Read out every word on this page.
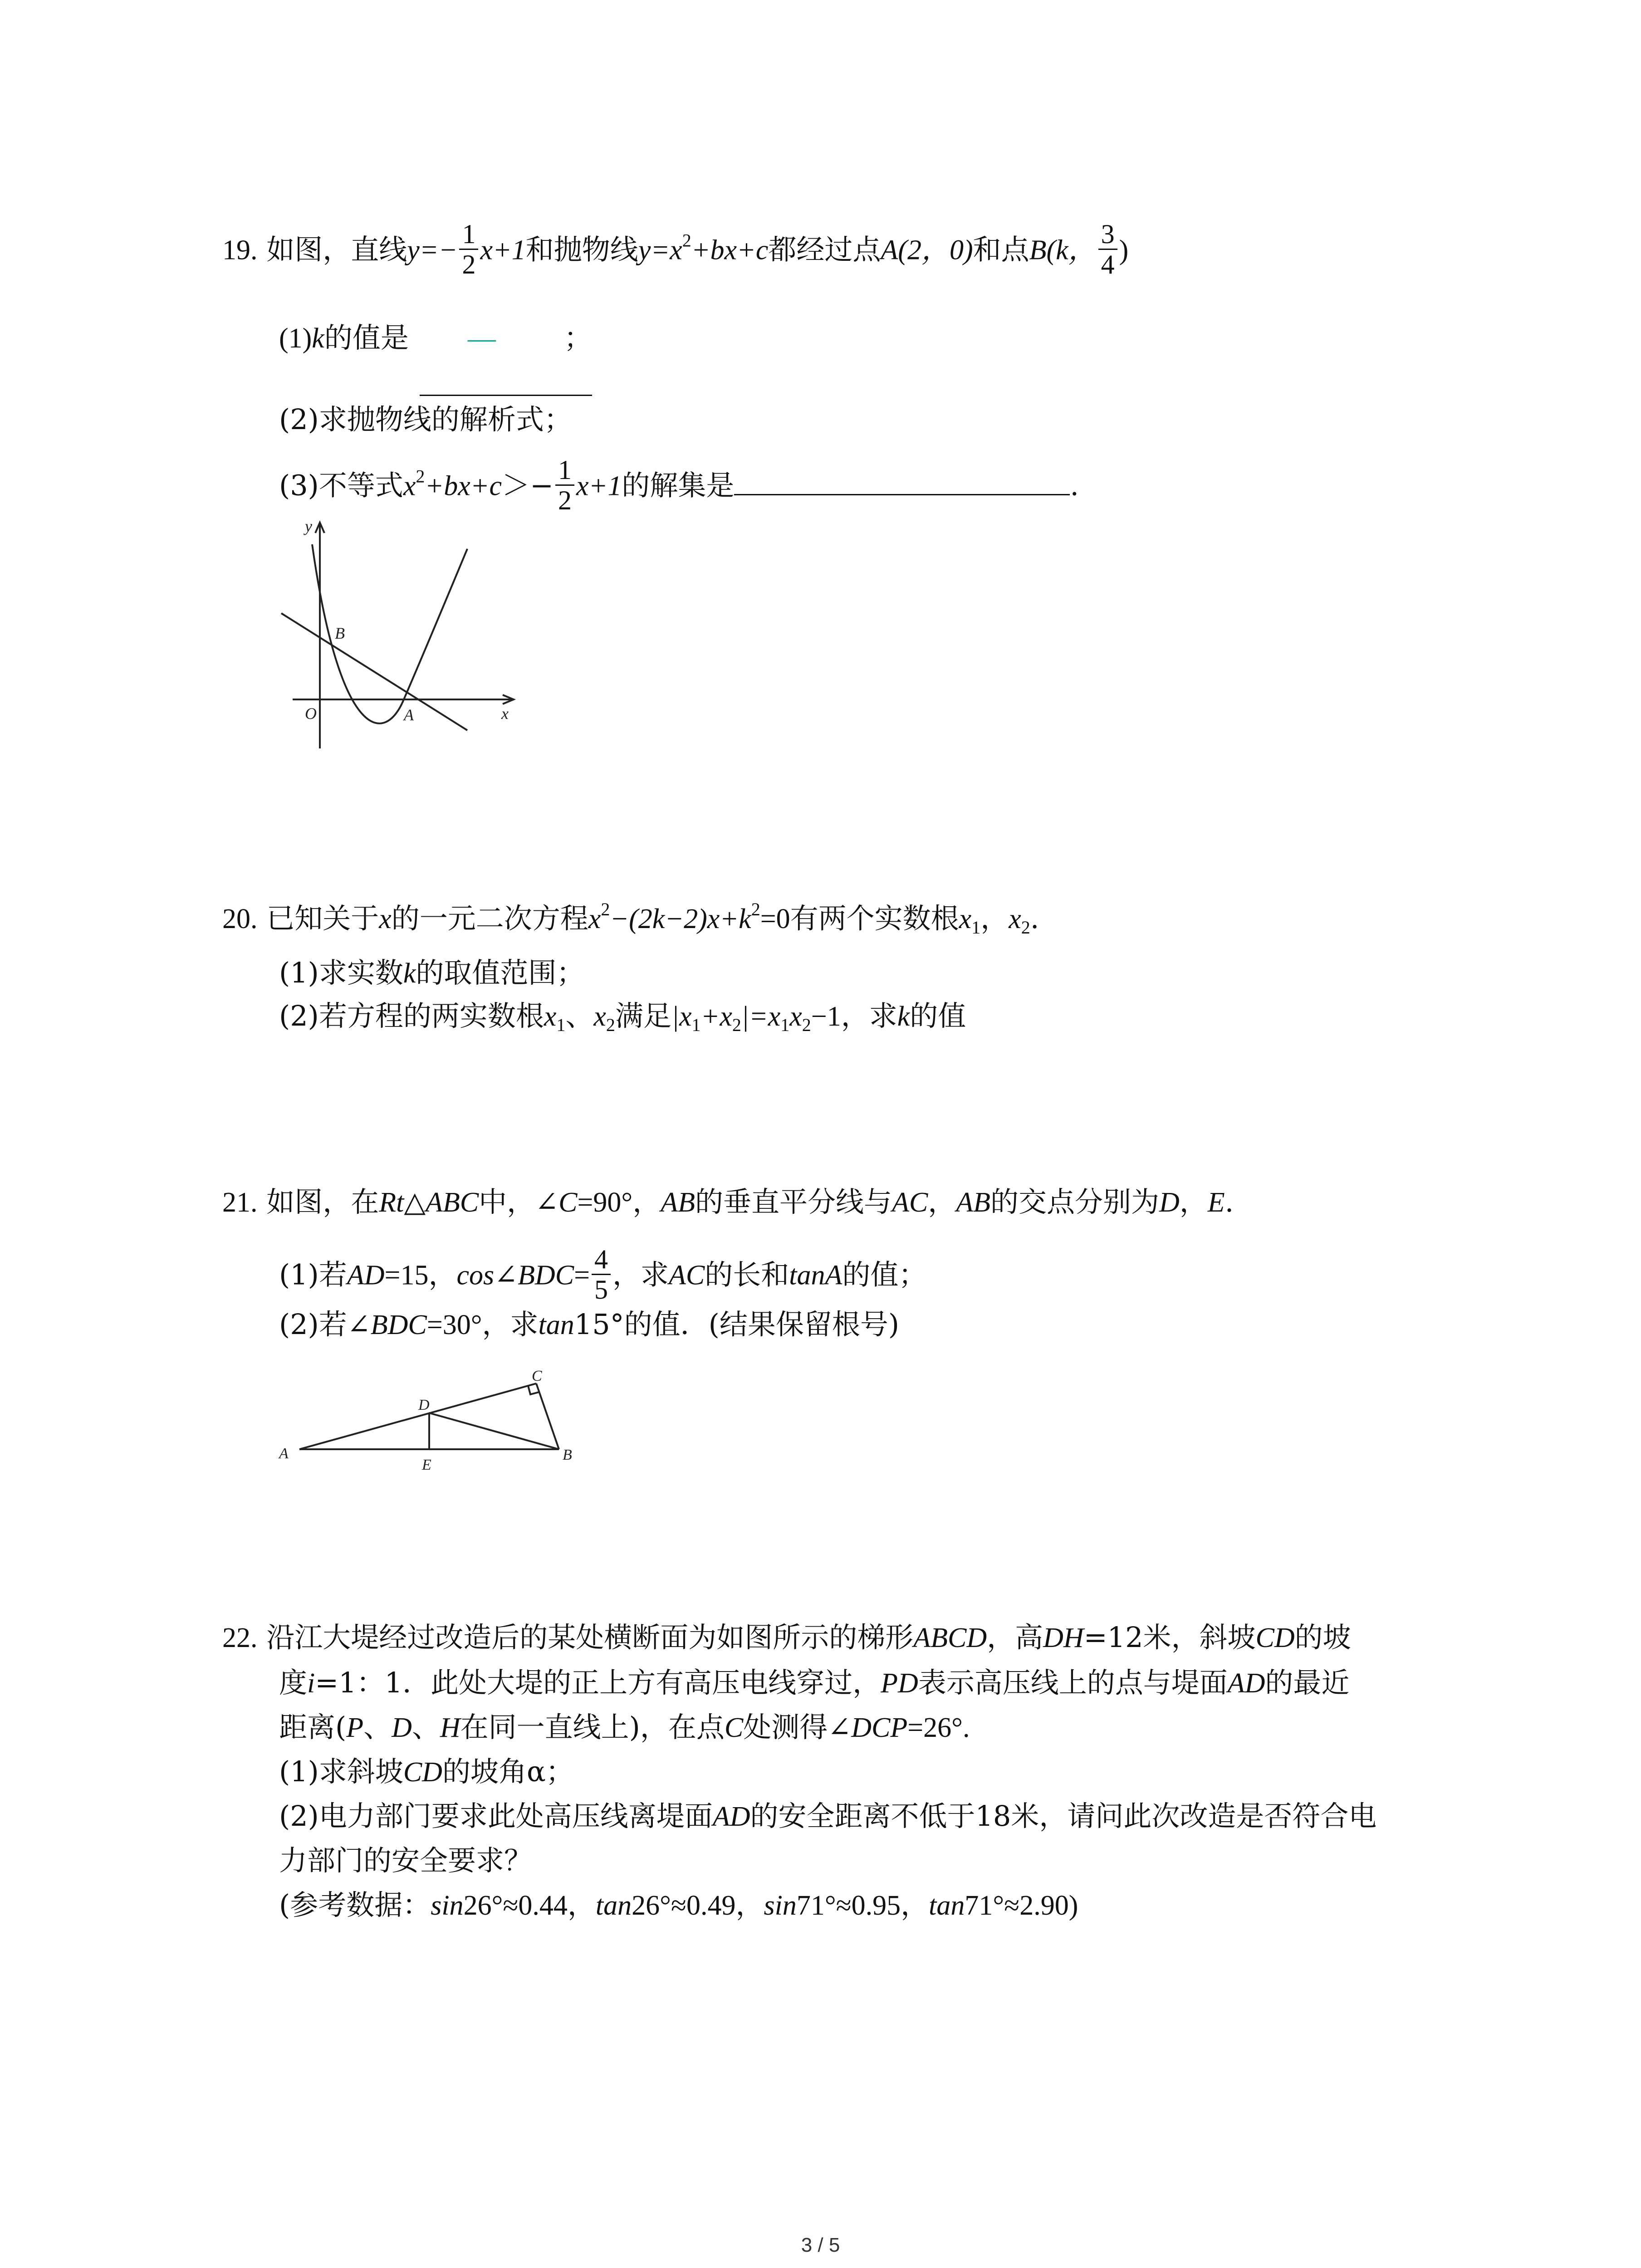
19. 如图，直线$y=- \frac{1}{2} x+1$和抛物线$y=x^2+bx+c$都经过点A(2，0)和点B(k， $\frac{3}{4}$ )
(1)k的值是 — ；
(2)求抛物线的解析式；
(3)不等式$x^2+bx+c>- \frac{1}{2} x+1$的解集是	.
y
x
O	A
B
20. 已知关于x的一元二次方程$x^2-(2k-2)x+k^2=0$有两个实数根$x_1$，$x_2$.
(1)求实数k的取值范围；
(2)若方程的两实数根$x_1$、$x_2$满足$|x_1+x_2|=x_1x_2-1$，求k的值
21. 如图，在Rt△ABC中，∠C=90°，AB的垂直平分线与AC，AB的交点分别为D，E.
(1)若AD=15，cos∠BDC= $\frac{4}{5}$ ，求AC的长和tanA的值；
(2)若∠BDC=30°，求tan15°的值．(结果保留根号)
A	B
C
D
E
22. 沿江大堤经过改造后的某处横断面为如图所示的梯形ABCD，高DH=12米，斜坡CD的坡
度i=1：1．此处大堤的正上方有高压电线穿过，PD表示高压线上的点与堤面AD的最近
距离(P、D、H在同一直线上)，在点C处测得∠DCP=26°.
(1)求斜坡CD的坡角α；
(2)电力部门要求此处高压线离堤面AD的安全距离不低于18米，请问此次改造是否符合电
力部门的安全要求？
(参考数据：sin26°≈0.44，tan26°≈0.49，sin71°≈0.95，tan71°≈2.90)
3 / 5
